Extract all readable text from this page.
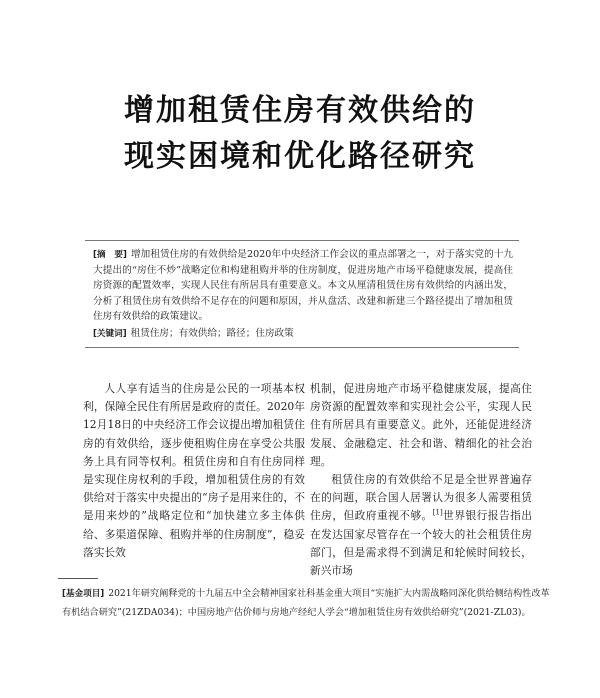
增加租赁住房有效供给的
现实困境和优化路径研究
[摘　要] 增加租赁住房的有效供给是2020年中央经济工作会议的重点部署之一，对于落实党的十九大提出的“房住不炒”战略定位和构建租购并举的住房制度，促进房地产市场平稳健康发展，提高住房资源的配置效率，实现人民住有所居具有重要意义。本文从厘清租赁住房有效供给的内涵出发，分析了租赁住房有效供给不足存在的问题和原因，并从盘活、改建和新建三个路径提出了增加租赁住房有效供给的政策建议。
[关键词] 租赁住房；有效供给；路径；住房政策

人人享有适当的住房是公民的一项基本权利，保障全民住有所居是政府的责任。2020年12月18日的中央经济工作会议提出增加租赁住房的有效供给，逐步使租购住房在享受公共服务上具有同等权利。租赁住房和自有住房同样是实现住房权利的手段，增加租赁住房的有效供给对于落实中央提出的“房子是用来住的，不是用来炒的”战略定位和“加快建立多主体供给、多渠道保障、租购并举的住房制度”，稳妥落实长效

机制，促进房地产市场平稳健康发展，提高住房资源的配置效率和实现社会公平，实现人民住有所居具有重要意义。此外，还能促进经济发展、金融稳定、社会和谐、精细化的社会治理。

租赁住房的有效供给不足是全世界普遍存在的问题，联合国人居署认为很多人需要租赁住房，但政府重视不够。[1]世界银行报告指出在发达国家尽管存在一个较大的社会租赁住房部门，但是需求得不到满足和轮候时间较长，新兴市场

[基金项目] 2021年研究阐释党的十九届五中全会精神国家社科基金重大项目“实施扩大内需战略同深化供给侧结构性改革有机结合研究”(21ZDA034)；中国房地产估价师与房地产经纪人学会“增加租赁住房有效供给研究”(2021-ZL03)。
